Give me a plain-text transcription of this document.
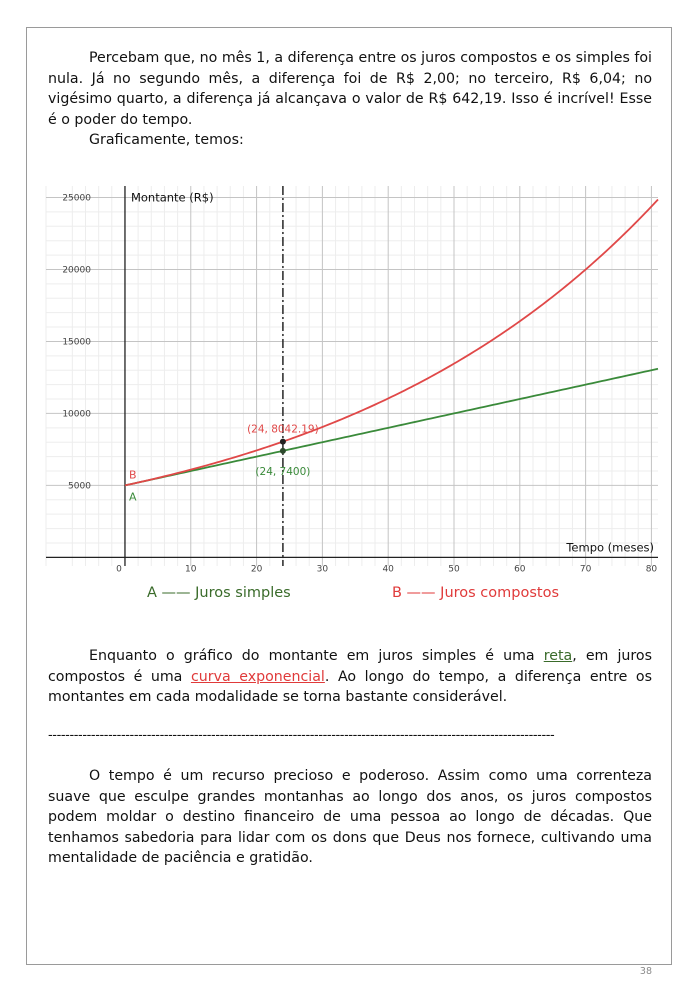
Percebam que, no mês 1, a diferença entre os juros compostos e os simples foi nula. Já no segundo mês, a diferença foi de R$ 2,00; no terceiro, R$ 6,04; no vigésimo quarto, a diferença já alcançava o valor de R$ 642,19. Isso é incrível! Esse é o poder do tempo.

Graficamente, temos:

0	10	20	30	40	50	60	70	80
5000
10000
15000
20000
25000	Montante (R$)
Tempo (meses)
A
B
(24, 8042.19)
(24, 7400)
A —— Juros simples	B —— Juros compostos

Enquanto o gráfico do montante em juros simples é uma reta, em juros compostos é uma curva exponencial. Ao longo do tempo, a diferença entre os montantes em cada modalidade se torna bastante considerável.

----------------------------------------------------------------------------------------------------------------------

O tempo é um recurso precioso e poderoso. Assim como uma correnteza suave que esculpe grandes montanhas ao longo dos anos, os juros compostos podem moldar o destino financeiro de uma pessoa ao longo de décadas. Que tenhamos sabedoria para lidar com os dons que Deus nos fornece, cultivando uma mentalidade de paciência e gratidão.

38
